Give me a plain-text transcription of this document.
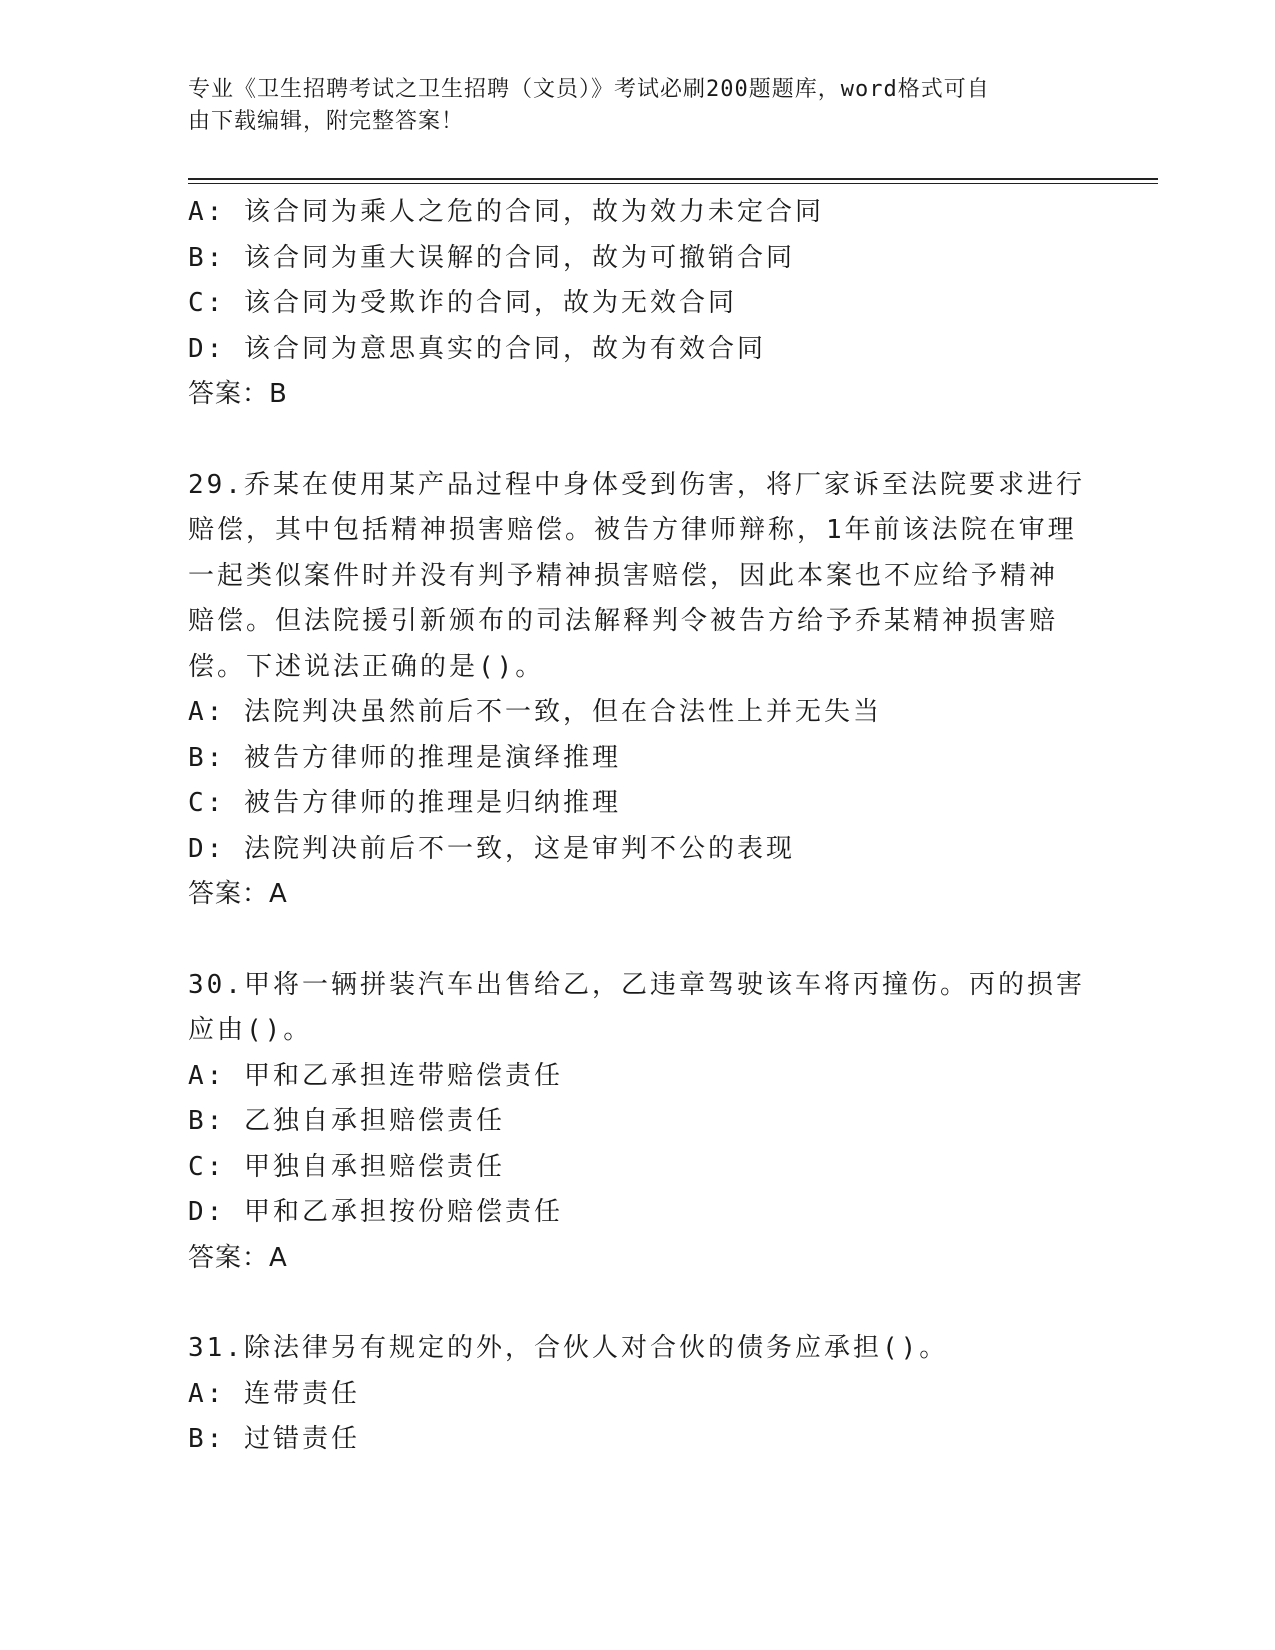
专业《卫生招聘考试之卫生招聘（文员）》考试必刷200题题库，word格式可自
由下载编辑，附完整答案！
A: 该合同为乘人之危的合同，故为效力未定合同
B: 该合同为重大误解的合同，故为可撤销合同
C: 该合同为受欺诈的合同，故为无效合同
D: 该合同为意思真实的合同，故为有效合同
答案：B
29.乔某在使用某产品过程中身体受到伤害，将厂家诉至法院要求进行
赔偿，其中包括精神损害赔偿。被告方律师辩称，1年前该法院在审理
一起类似案件时并没有判予精神损害赔偿，因此本案也不应给予精神
赔偿。但法院援引新颁布的司法解释判令被告方给予乔某精神损害赔
偿。下述说法正确的是()。
A: 法院判决虽然前后不一致，但在合法性上并无失当
B: 被告方律师的推理是演绎推理
C: 被告方律师的推理是归纳推理
D: 法院判决前后不一致，这是审判不公的表现
答案：A
30.甲将一辆拼装汽车出售给乙，乙违章驾驶该车将丙撞伤。丙的损害
应由()。
A: 甲和乙承担连带赔偿责任
B: 乙独自承担赔偿责任
C: 甲独自承担赔偿责任
D: 甲和乙承担按份赔偿责任
答案：A
31.除法律另有规定的外，合伙人对合伙的债务应承担()。
A: 连带责任
B: 过错责任
